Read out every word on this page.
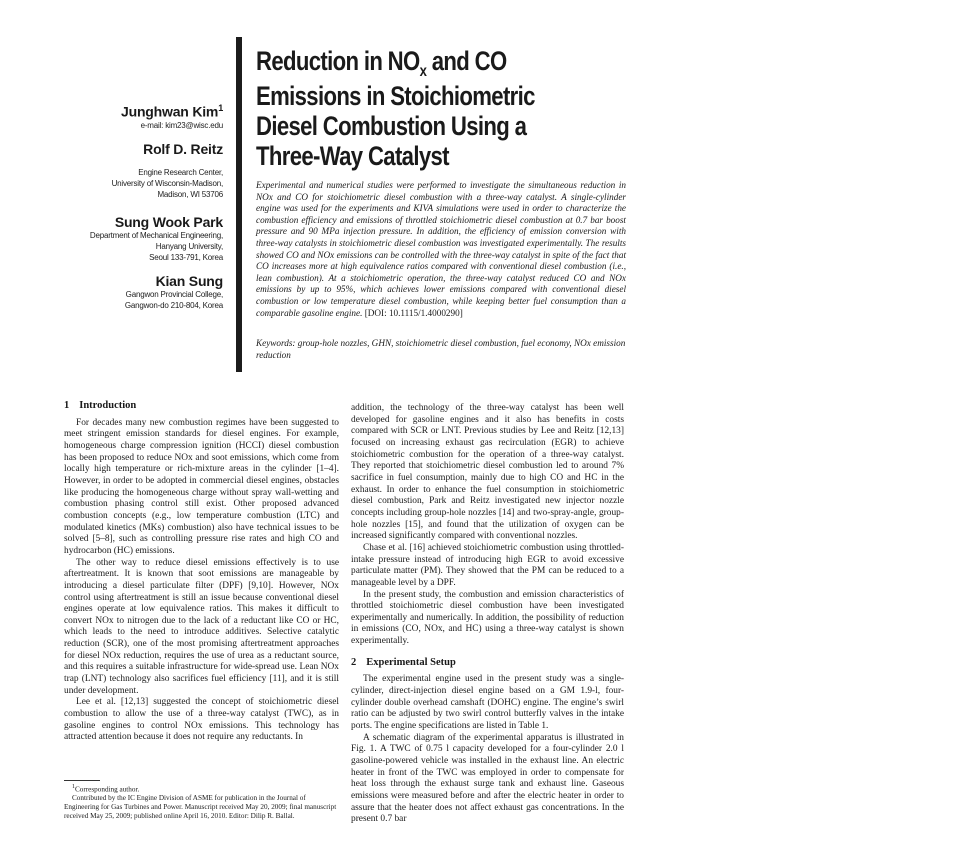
Junghwan Kim$^1$
e-mail: kim23@wisc.edu
Rolf D. Reitz
Engine Research Center,
University of Wisconsin-Madison,
Madison, WI 53706
Sung Wook Park
Department of Mechanical Engineering,
Hanyang University,
Seoul 133-791, Korea
Kian Sung
Gangwon Provincial College,
Gangwon-do 210-804, Korea
Reduction in $NO_x$ and CO
Emissions in Stoichiometric
Diesel Combustion Using a
Three-Way Catalyst
Experimental and numerical studies were performed to investigate the simultaneous reduction in NOx and CO for stoichiometric diesel combustion with a three-way catalyst. A single-cylinder engine was used for the experiments and KIVA simulations were used in order to characterize the combustion efficiency and emissions of throttled stoichiometric diesel combustion at 0.7 bar boost pressure and 90 MPa injection pressure. In addition, the efficiency of emission conversion with three-way catalysts in stoichiometric diesel combustion was investigated experimentally. The results showed CO and NOx emissions can be controlled with the three-way catalyst in spite of the fact that CO increases more at high equivalence ratios compared with conventional diesel combustion (i.e., lean combustion). At a stoichiometric operation, the three-way catalyst reduced CO and NOx emissions by up to 95%, which achieves lower emissions compared with conventional diesel combustion or low temperature diesel combustion, while keeping better fuel consumption than a comparable gasoline engine. [DOI: 10.1115/1.4000290]
Keywords: group-hole nozzles, GHN, stoichiometric diesel combustion, fuel economy, NOx emission reduction
1 Introduction

For decades many new combustion regimes have been suggested to meet stringent emission standards for diesel engines. For example, homogeneous charge compression ignition (HCCI) diesel combustion has been proposed to reduce NOx and soot emissions, which come from locally high temperature or rich-mixture areas in the cylinder [1–4]. However, in order to be adopted in commercial diesel engines, obstacles like producing the homogeneous charge without spray wall-wetting and combustion phasing control still exist. Other proposed advanced combustion concepts (e.g., low temperature combustion (LTC) and modulated kinetics (MKs) combustion) also have technical issues to be solved [5–8], such as controlling pressure rise rates and high CO and hydrocarbon (HC) emissions.

The other way to reduce diesel emissions effectively is to use aftertreatment. It is known that soot emissions are manageable by introducing a diesel particulate filter (DPF) [9,10]. However, NOx control using aftertreatment is still an issue because conventional diesel engines operate at low equivalence ratios. This makes it difficult to convert NOx to nitrogen due to the lack of a reductant like CO or HC, which leads to the need to introduce additives. Selective catalytic reduction (SCR), one of the most promising aftertreatment approaches for diesel NOx reduction, requires the use of urea as a reductant source, and this requires a suitable infrastructure for wide-spread use. Lean NOx trap (LNT) technology also sacrifices fuel efficiency [11], and it is still under development.

Lee et al. [12,13] suggested the concept of stoichiometric diesel combustion to allow the use of a three-way catalyst (TWC), as in gasoline engines to control NOx emissions. This technology has attracted attention because it does not require any reductants. In

addition, the technology of the three-way catalyst has been well developed for gasoline engines and it also has benefits in costs compared with SCR or LNT. Previous studies by Lee and Reitz [12,13] focused on increasing exhaust gas recirculation (EGR) to achieve stoichiometric combustion for the operation of a three-way catalyst. They reported that stoichiometric diesel combustion led to around 7% sacrifice in fuel consumption, mainly due to high CO and HC in the exhaust. In order to enhance the fuel consumption in stoichiometric diesel combustion, Park and Reitz investigated new injector nozzle concepts including group-hole nozzles [14] and two-spray-angle, group-hole nozzles [15], and found that the utilization of oxygen can be increased significantly compared with conventional nozzles.

Chase et al. [16] achieved stoichiometric combustion using throttled-intake pressure instead of introducing high EGR to avoid excessive particulate matter (PM). They showed that the PM can be reduced to a manageable level by a DPF.

In the present study, the combustion and emission characteristics of throttled stoichiometric diesel combustion have been investigated experimentally and numerically. In addition, the possibility of reduction in emissions (CO, NOx, and HC) using a three-way catalyst is shown experimentally.

2 Experimental Setup

The experimental engine used in the present study was a single-cylinder, direct-injection diesel engine based on a GM 1.9-l, four-cylinder double overhead camshaft (DOHC) engine. The engine’s swirl ratio can be adjusted by two swirl control butterfly valves in the intake ports. The engine specifications are listed in Table 1.

A schematic diagram of the experimental apparatus is illustrated in Fig. 1. A TWC of 0.75 l capacity developed for a four-cylinder 2.0 l gasoline-powered vehicle was installed in the exhaust line. An electric heater in front of the TWC was employed in order to compensate for heat loss through the exhaust surge tank and exhaust line. Gaseous emissions were measured before and after the electric heater in order to assure that the heater does not affect exhaust gas concentrations. In the present 0.7 bar

$^1$Corresponding author.

Contributed by the IC Engine Division of ASME for publication in the Journal of Engineering for Gas Turbines and Power. Manuscript received May 20, 2009; final manuscript received May 25, 2009; published online April 16, 2010. Editor: Dilip R. Ballal.
